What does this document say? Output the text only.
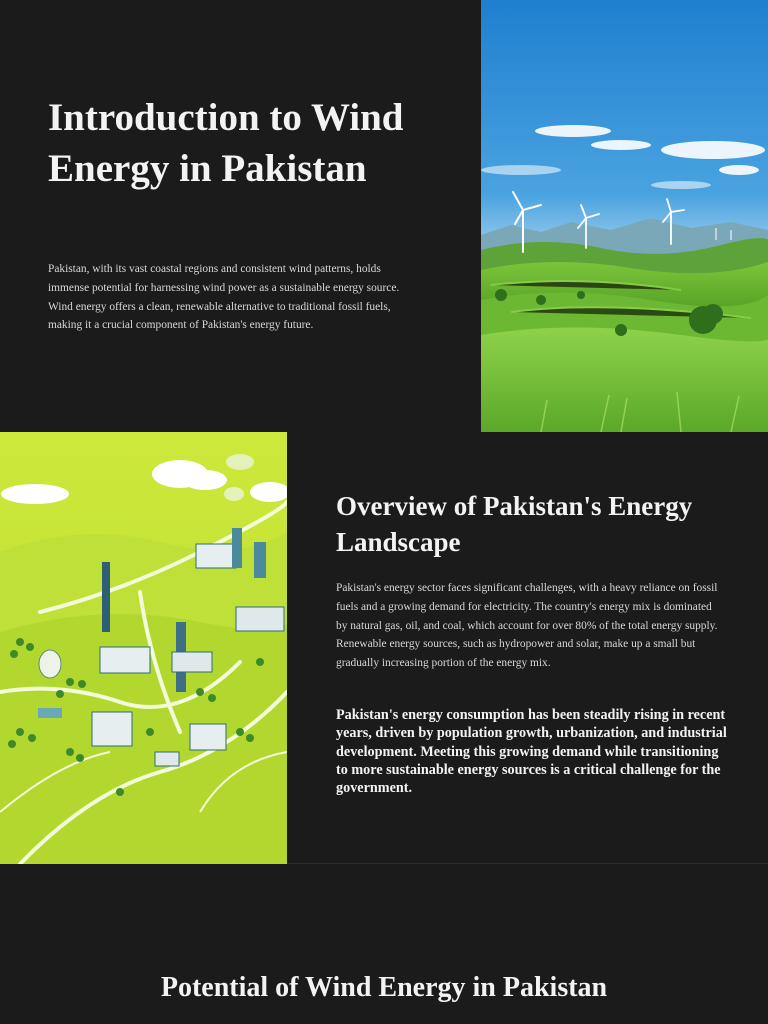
Introduction to Wind Energy in Pakistan

Pakistan, with its vast coastal regions and consistent wind patterns, holds immense potential for harnessing wind power as a sustainable energy source. Wind energy offers a clean, renewable alternative to traditional fossil fuels, making it a crucial component of Pakistan's energy future.

Overview of Pakistan's Energy Landscape

Pakistan's energy sector faces significant challenges, with a heavy reliance on fossil fuels and a growing demand for electricity. The country's energy mix is dominated by natural gas, oil, and coal, which account for over 80% of the total energy supply. Renewable energy sources, such as hydropower and solar, make up a small but gradually increasing portion of the energy mix.

Pakistan's energy consumption has been steadily rising in recent years, driven by population growth, urbanization, and industrial development. Meeting this growing demand while transitioning to more sustainable energy sources is a critical challenge for the government.

Potential of Wind Energy in Pakistan
